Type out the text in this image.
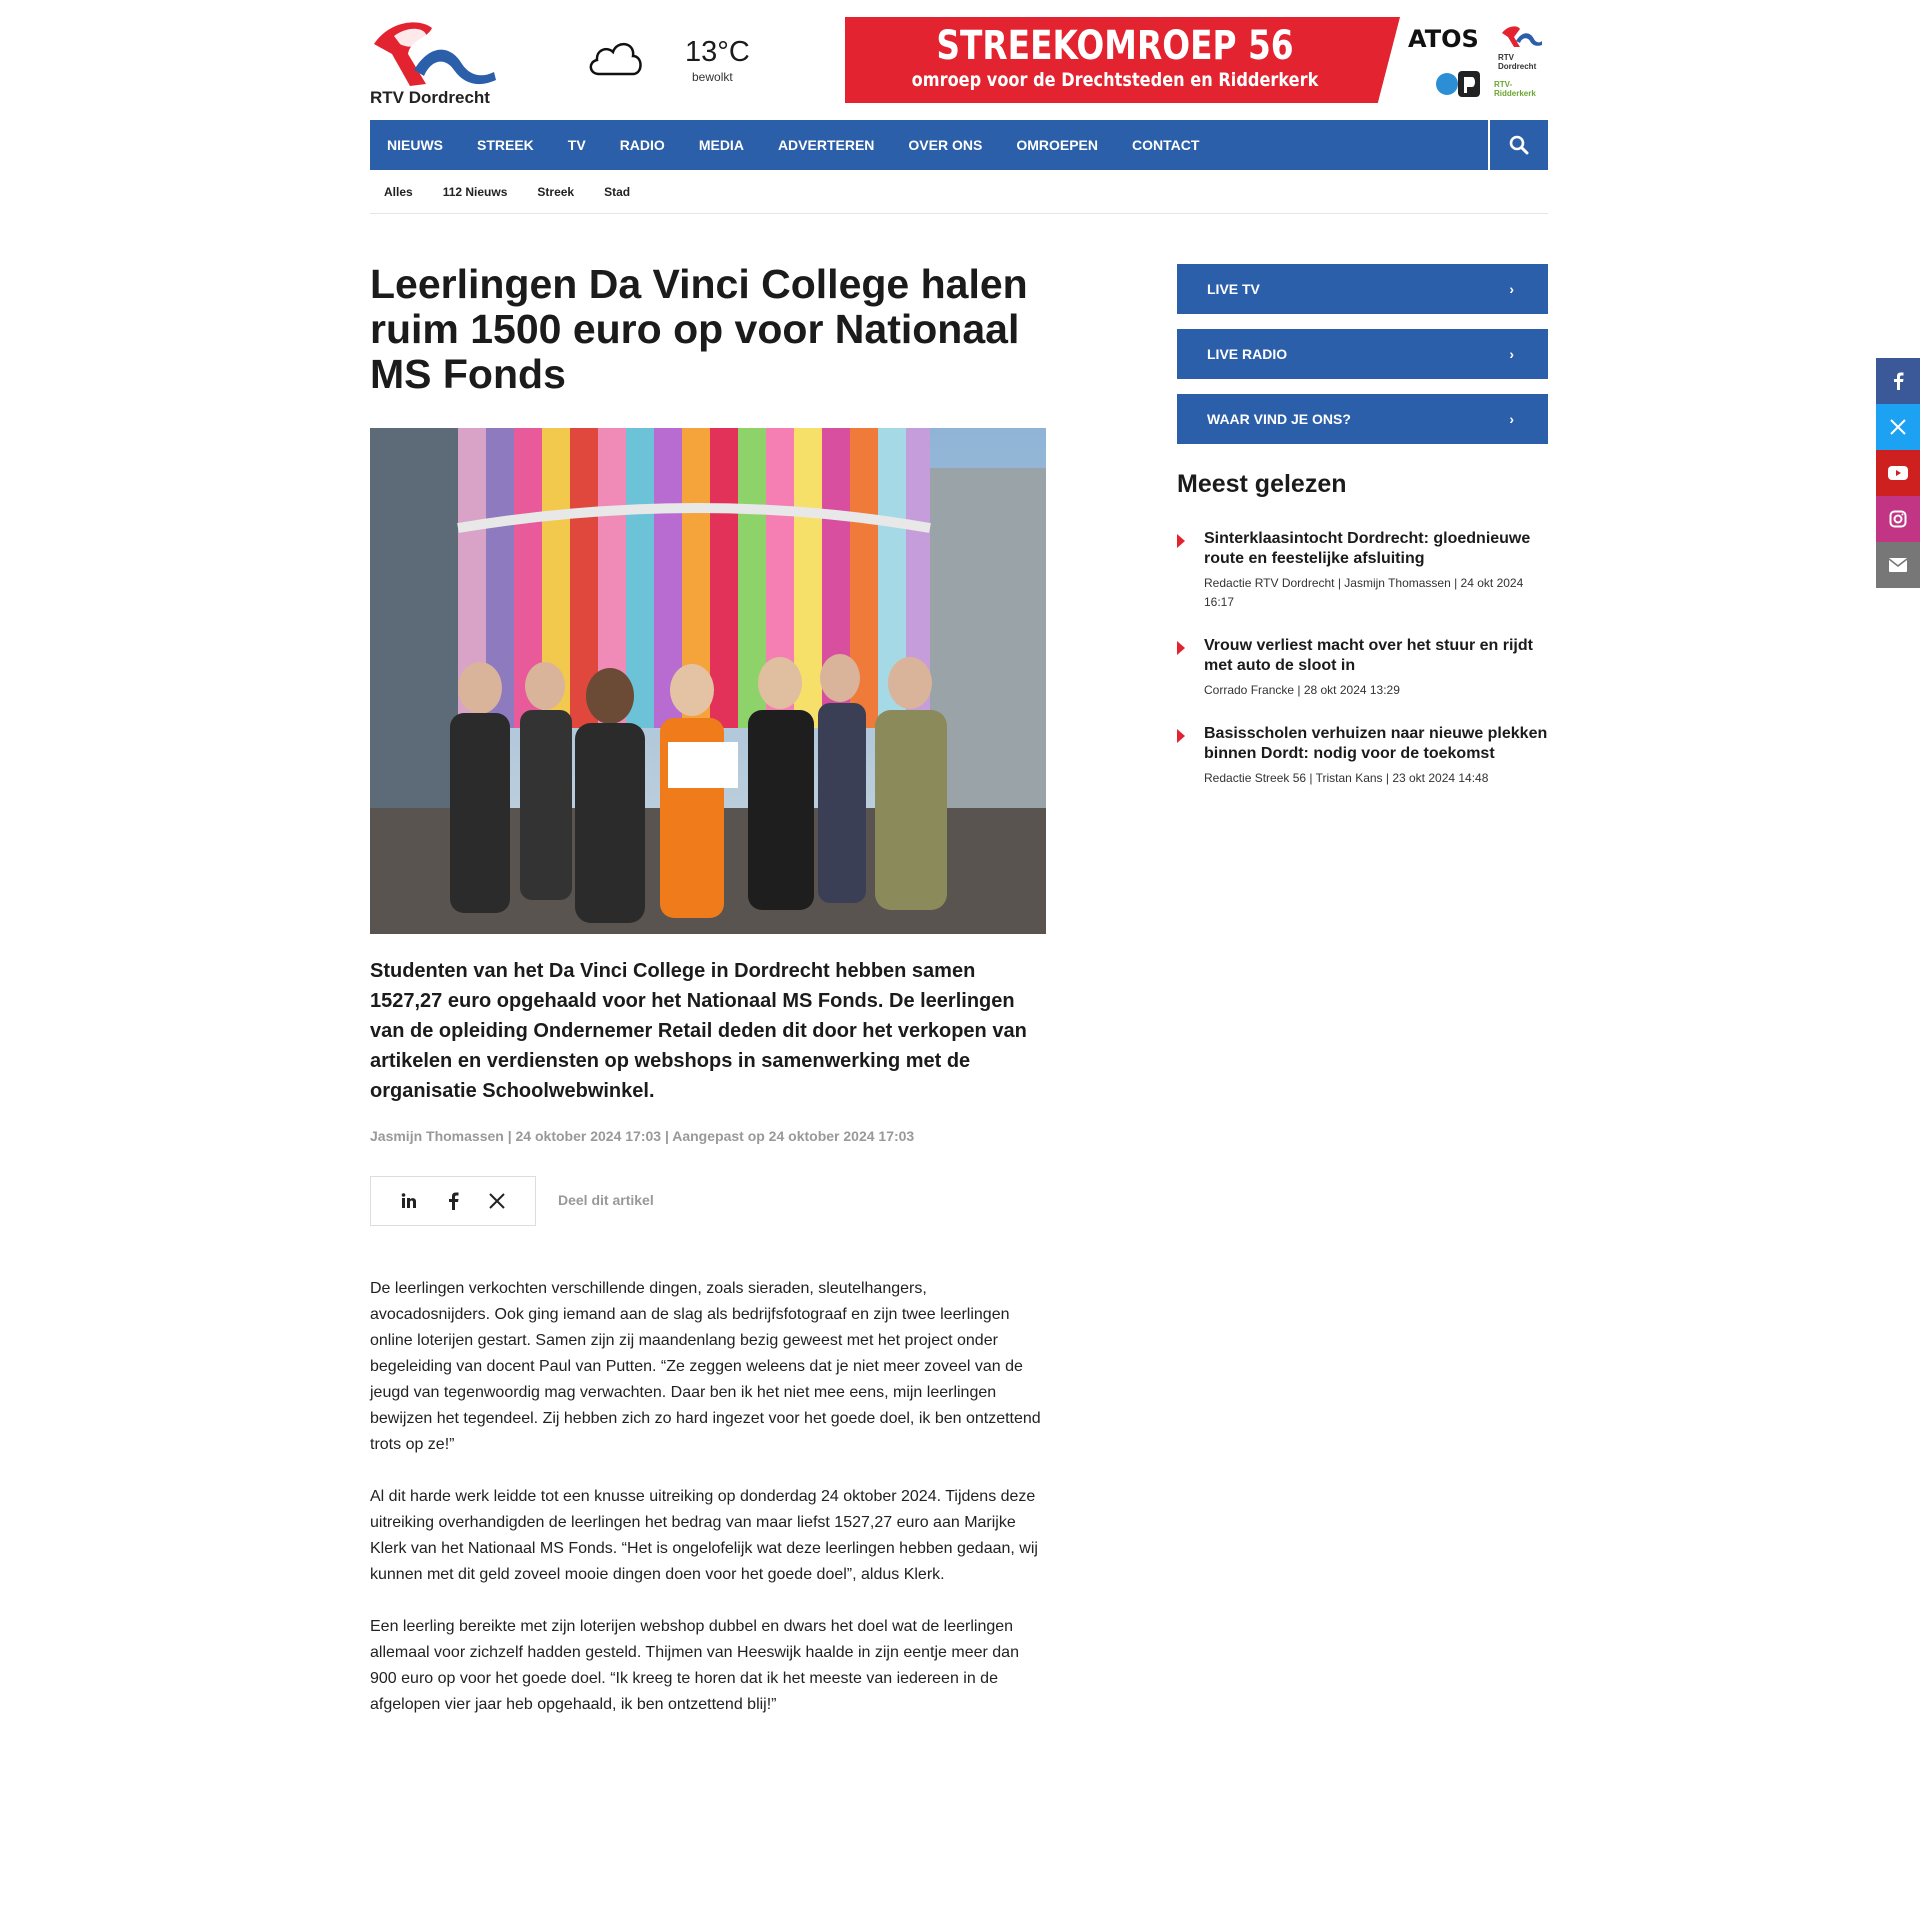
RTV Dordrecht
13°C
bewolkt
STREEKOMROEP 56
omroep voor de Drechtsteden en Ridderkerk
ATOS
RTV Dordrecht
RTV-Ridderkerk
NIEUWS STREEK TV RADIO MEDIA ADVERTEREN OVER ONS OMROEPEN CONTACT
Alles	112 Nieuws	Streek	Stad
Leerlingen Da Vinci College halen ruim 1500 euro op voor Nationaal MS Fonds
Studenten van het Da Vinci College in Dordrecht hebben samen 1527,27 euro opgehaald voor het Nationaal MS Fonds. De leerlingen van de opleiding Ondernemer Retail deden dit door het verkopen van artikelen en verdiensten op webshops in samenwerking met de organisatie Schoolwebwinkel.
Jasmijn Thomassen | 24 oktober 2024 17:03 | Aangepast op 24 oktober 2024 17:03
Deel dit artikel

De leerlingen verkochten verschillende dingen, zoals sieraden, sleutelhangers, avocadosnijders. Ook ging iemand aan de slag als bedrijfsfotograaf en zijn twee leerlingen online loterijen gestart. Samen zijn zij maandenlang bezig geweest met het project onder begeleiding van docent Paul van Putten. “Ze zeggen weleens dat je niet meer zoveel van de jeugd van tegenwoordig mag verwachten. Daar ben ik het niet mee eens, mijn leerlingen bewijzen het tegendeel. Zij hebben zich zo hard ingezet voor het goede doel, ik ben ontzettend trots op ze!”

Al dit harde werk leidde tot een knusse uitreiking op donderdag 24 oktober 2024. Tijdens deze uitreiking overhandigden de leerlingen het bedrag van maar liefst 1527,27 euro aan Marijke Klerk van het Nationaal MS Fonds. “Het is ongelofelijk wat deze leerlingen hebben gedaan, wij kunnen met dit geld zoveel mooie dingen doen voor het goede doel”, aldus Klerk.

Een leerling bereikte met zijn loterijen webshop dubbel en dwars het doel wat de leerlingen allemaal voor zichzelf hadden gesteld. Thijmen van Heeswijk haalde in zijn eentje meer dan 900 euro op voor het goede doel. “Ik kreeg te horen dat ik het meeste van iedereen in de afgelopen vier jaar heb opgehaald, ik ben ontzettend blij!”

LIVE TV	›
LIVE RADIO	›
WAAR VIND JE ONS?	›
Meest gelezen
Sinterklaasintocht Dordrecht: gloednieuwe route en feestelijke afsluiting
Redactie RTV Dordrecht | Jasmijn Thomassen | 24 okt 2024 16:17
Vrouw verliest macht over het stuur en rijdt met auto de sloot in
Corrado Francke | 28 okt 2024 13:29
Basisscholen verhuizen naar nieuwe plekken binnen Dordt: nodig voor de toekomst
Redactie Streek 56 | Tristan Kans | 23 okt 2024 14:48
